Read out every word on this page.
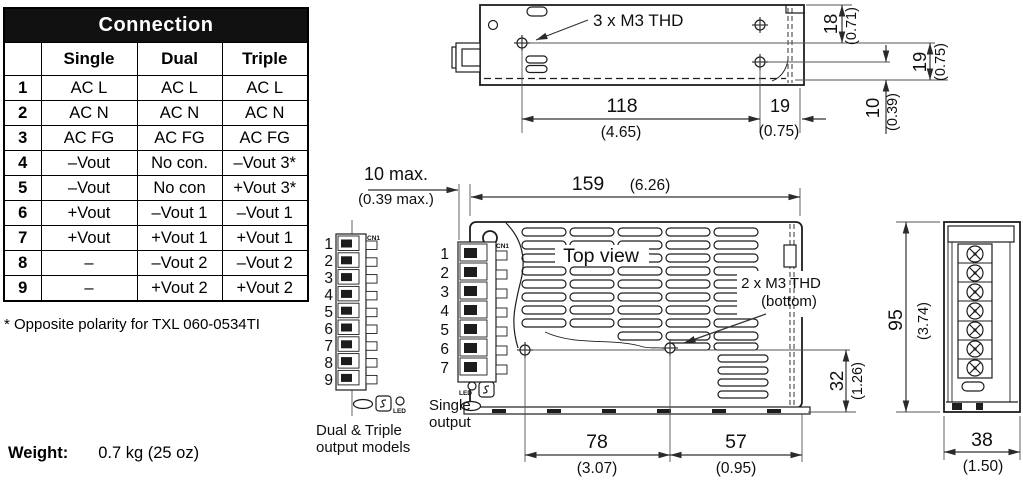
Connection			
	Single	Dual	Triple
1	AC L	AC L	AC L
2	AC N	AC N	AC N
3	AC FG	AC FG	AC FG
4	–Vout	No con.	–Vout 3*
5	–Vout	No con	+Vout 3*
6	+Vout	–Vout 1	–Vout 1
7	+Vout	+Vout 1	+Vout 1
8	–	–Vout 2	–Vout 2
9	–	+Vout 2	+Vout 2
* Opposite polarity for TXL 060-0534TI
Weight: 0.7 kg (25 oz)
3 x M3 THD
118
(4.65)
19
(0.75)
18 (0.71)
19 (0.75)
10 (0.39)
10 max.
(0.39 max.)
159 (6.26)
Top view
2 x M3 THD
(bottom)
32 (1.26)
78
(3.07)
57
(0.95)
CN1
LED
1
2
3
4
5
6
7
Single
output
CN1
LED
1
2
3
4
5
6
7
8
9
Dual & Triple
output models
95 (3.74)
38
(1.50)
